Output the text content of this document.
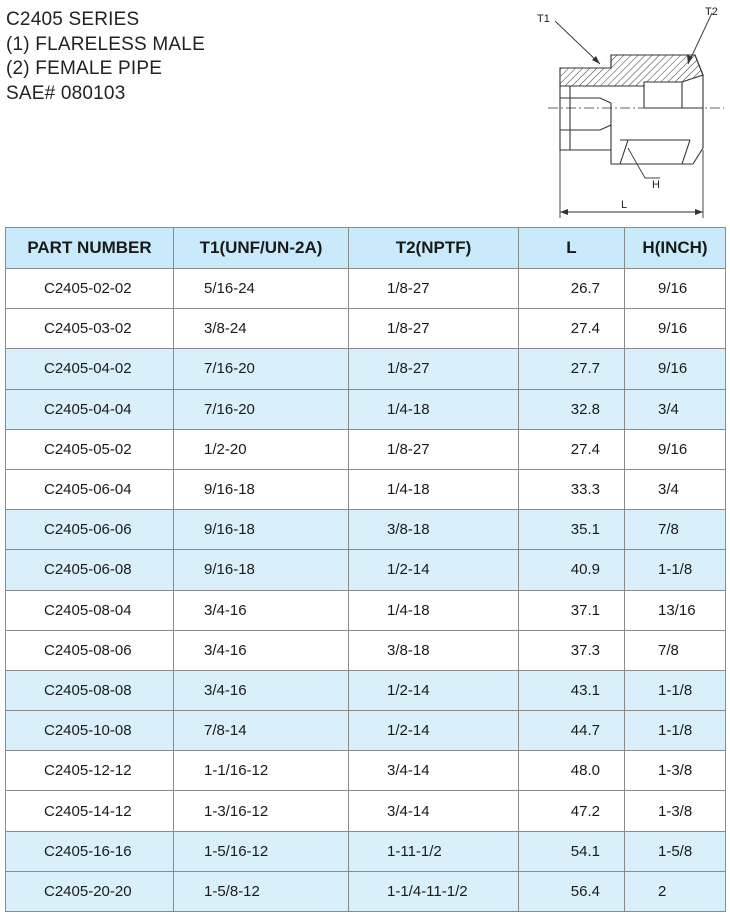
C2405 SERIES
(1) FLARELESS MALE
(2) FEMALE PIPE
SAE# 080103
T1
T2
H
L
PART NUMBER	T1(UNF/UN-2A)	T2(NPTF)	L	H(INCH)
C2405-02-02	5/16-24	1/8-27	26.7	9/16
C2405-03-02	3/8-24	1/8-27	27.4	9/16
C2405-04-02	7/16-20	1/8-27	27.7	9/16
C2405-04-04	7/16-20	1/4-18	32.8	3/4
C2405-05-02	1/2-20	1/8-27	27.4	9/16
C2405-06-04	9/16-18	1/4-18	33.3	3/4
C2405-06-06	9/16-18	3/8-18	35.1	7/8
C2405-06-08	9/16-18	1/2-14	40.9	1-1/8
C2405-08-04	3/4-16	1/4-18	37.1	13/16
C2405-08-06	3/4-16	3/8-18	37.3	7/8
C2405-08-08	3/4-16	1/2-14	43.1	1-1/8
C2405-10-08	7/8-14	1/2-14	44.7	1-1/8
C2405-12-12	1-1/16-12	3/4-14	48.0	1-3/8
C2405-14-12	1-3/16-12	3/4-14	47.2	1-3/8
C2405-16-16	1-5/16-12	1-11-1/2	54.1	1-5/8
C2405-20-20	1-5/8-12	1-1/4-11-1/2	56.4	2
